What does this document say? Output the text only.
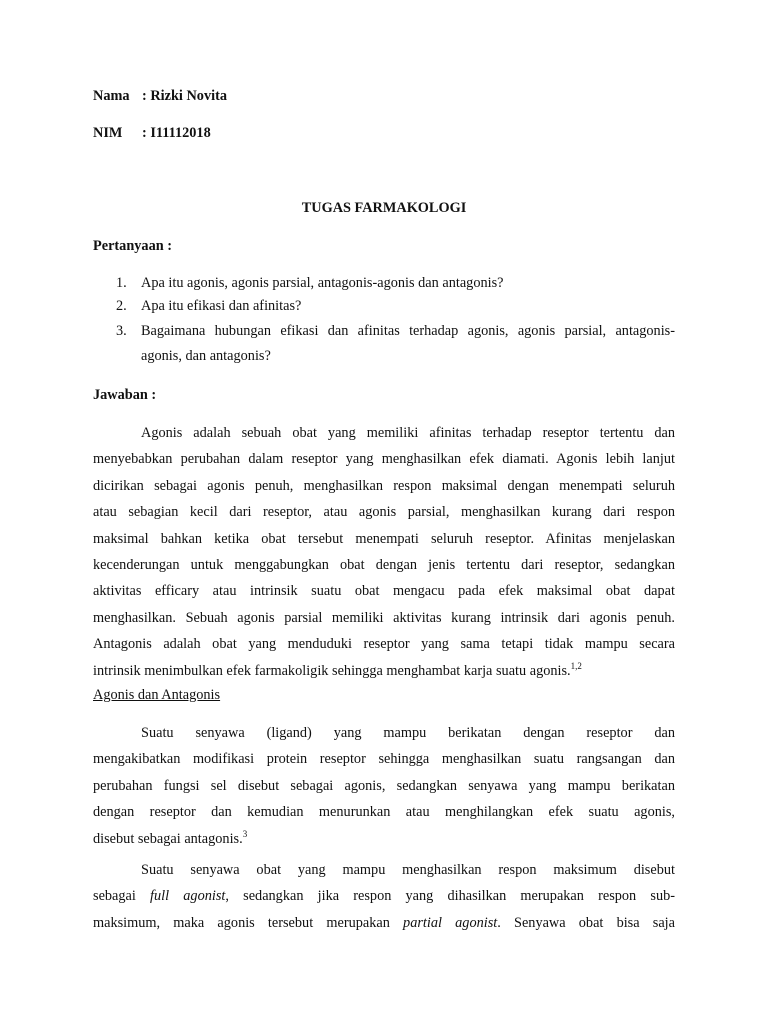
Nama : Rizki Novita
NIM : I11112018
TUGAS FARMAKOLOGI
Pertanyaan :
1. Apa itu agonis, agonis parsial, antagonis-agonis dan antagonis?
2. Apa itu efikasi dan afinitas?
3. Bagaimana hubungan efikasi dan afinitas terhadap agonis, agonis parsial, antagonis-
agonis, dan antagonis?
Jawaban :
Agonis adalah sebuah obat yang memiliki afinitas terhadap reseptor tertentu dan
menyebabkan perubahan dalam reseptor yang menghasilkan efek diamati. Agonis lebih lanjut
dicirikan sebagai agonis penuh, menghasilkan respon maksimal dengan menempati seluruh
atau sebagian kecil dari reseptor, atau agonis parsial, menghasilkan kurang dari respon
maksimal bahkan ketika obat tersebut menempati seluruh reseptor. Afinitas menjelaskan
kecenderungan untuk menggabungkan obat dengan jenis tertentu dari reseptor, sedangkan
aktivitas efficary atau intrinsik suatu obat mengacu pada efek maksimal obat dapat
menghasilkan. Sebuah agonis parsial memiliki aktivitas kurang intrinsik dari agonis penuh.
Antagonis adalah obat yang menduduki reseptor yang sama tetapi tidak mampu secara
intrinsik menimbulkan efek farmakoligik sehingga menghambat karja suatu agonis.$^{1,2}$
Agonis dan Antagonis
Suatu senyawa (ligand) yang mampu berikatan dengan reseptor dan
mengakibatkan modifikasi protein reseptor sehingga menghasilkan suatu rangsangan dan
perubahan fungsi sel disebut sebagai agonis, sedangkan senyawa yang mampu berikatan
dengan reseptor dan kemudian menurunkan atau menghilangkan efek suatu agonis,
disebut sebagai antagonis.$^3$
Suatu senyawa obat yang mampu menghasilkan respon maksimum disebut
sebagai full agonist, sedangkan jika respon yang dihasilkan merupakan respon sub-
maksimum, maka agonis tersebut merupakan partial agonist. Senyawa obat bisa saja
